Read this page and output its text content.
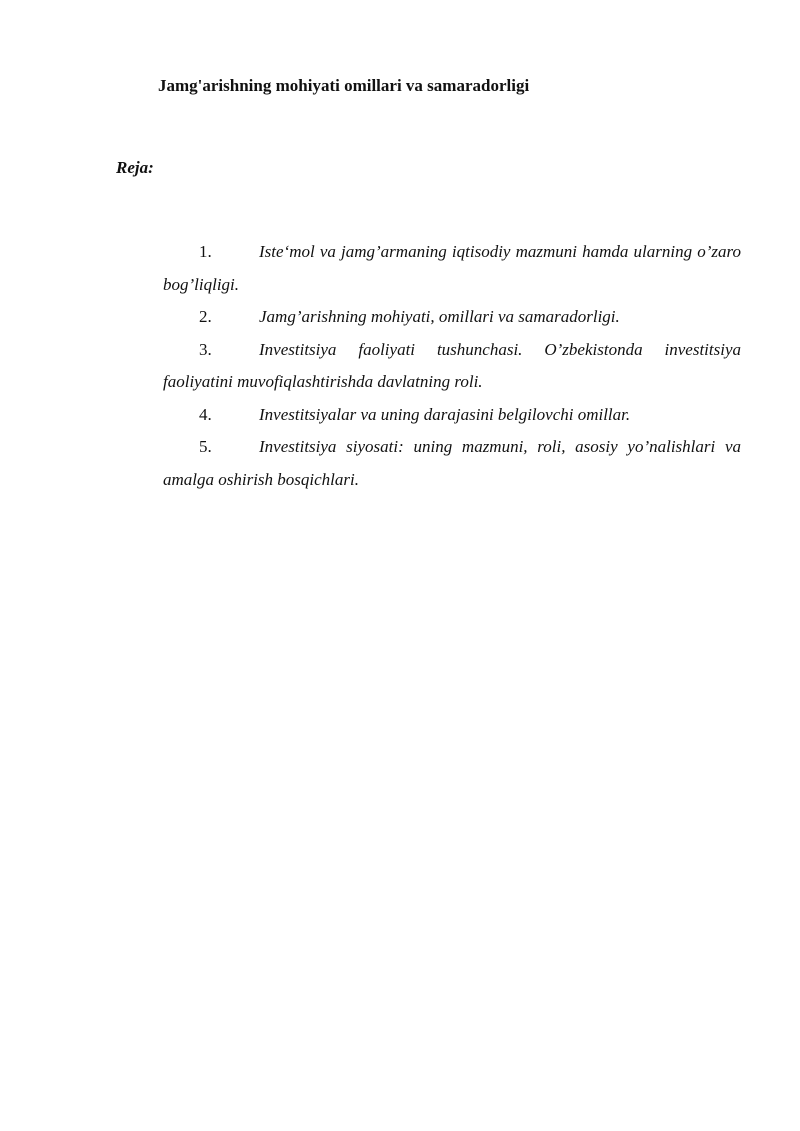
Jamg'arishning mohiyati omillari va samaradorligi
Reja:
1.	Iste‘mol va jamg’armaning iqtisodiy mazmuni hamda ularning o’zaro bog’liqligi.
2.	Jamg’arishning mohiyati, omillari va samaradorligi.
3.	Investitsiya faoliyati tushunchasi. O’zbekistonda investitsiya faoliyatini muvofiqlashtirishda davlatning roli.
4.	Investitsiyalar va uning darajasini belgilovchi omillar.
5.	Investitsiya siyosati: uning mazmuni, roli, asosiy yo’nalishlari va amalga oshirish bosqichlari.
